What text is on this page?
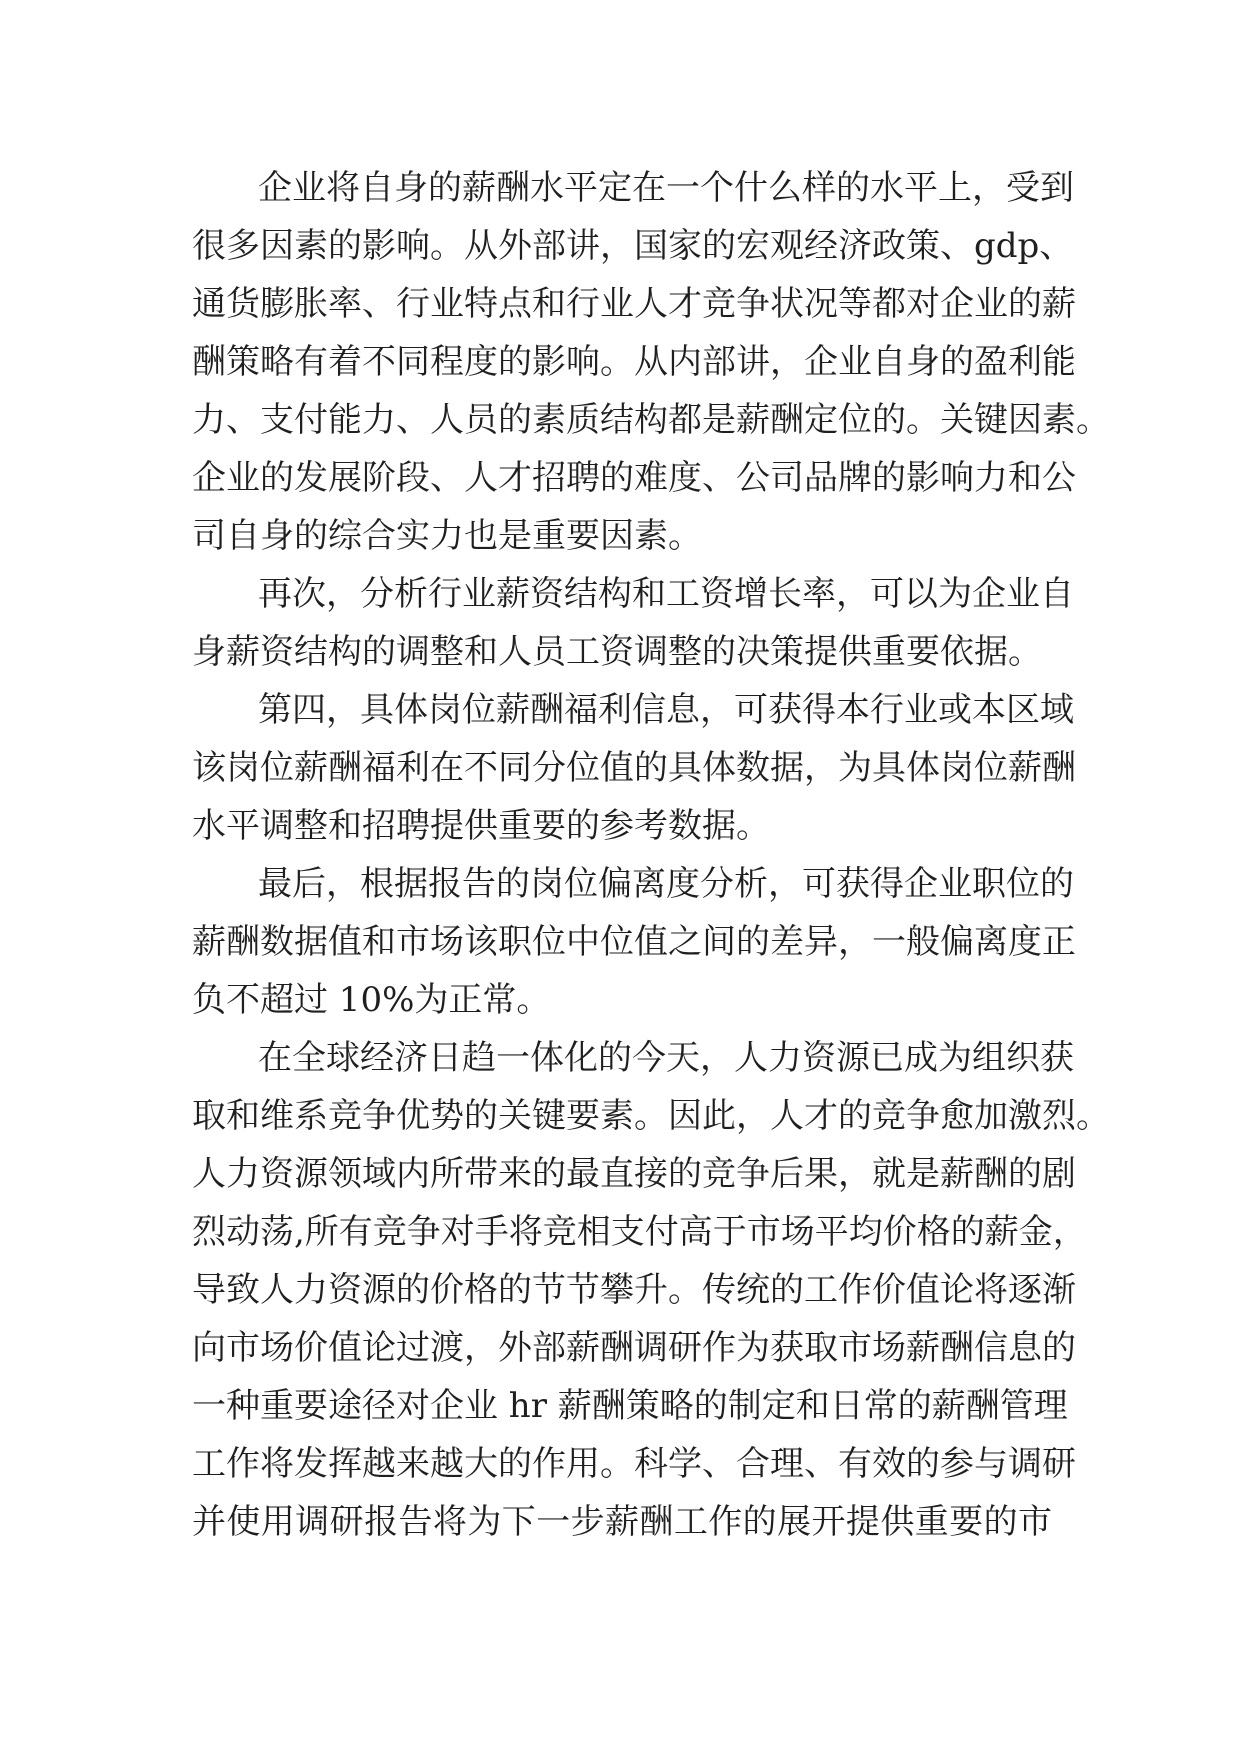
企业将自身的薪酬水平定在一个什么样的水平上，受到
很多因素的影响。从外部讲，国家的宏观经济政策、gdp、
通货膨胀率、行业特点和行业人才竞争状况等都对企业的薪
酬策略有着不同程度的影响。从内部讲，企业自身的盈利能
力、支付能力、人员的素质结构都是薪酬定位的。关键因素。
企业的发展阶段、人才招聘的难度、公司品牌的影响力和公
司自身的综合实力也是重要因素。
再次，分析行业薪资结构和工资增长率，可以为企业自
身薪资结构的调整和人员工资调整的决策提供重要依据。
第四，具体岗位薪酬福利信息，可获得本行业或本区域
该岗位薪酬福利在不同分位值的具体数据，为具体岗位薪酬
水平调整和招聘提供重要的参考数据。
最后，根据报告的岗位偏离度分析，可获得企业职位的
薪酬数据值和市场该职位中位值之间的差异，一般偏离度正
负不超过 10%为正常。
在全球经济日趋一体化的今天，人力资源已成为组织获
取和维系竞争优势的关键要素。因此，人才的竞争愈加激烈。
人力资源领域内所带来的最直接的竞争后果，就是薪酬的剧
烈动荡,所有竞争对手将竞相支付高于市场平均价格的薪金，
导致人力资源的价格的节节攀升。传统的工作价值论将逐渐
向市场价值论过渡，外部薪酬调研作为获取市场薪酬信息的
一种重要途径对企业 hr 薪酬策略的制定和日常的薪酬管理
工作将发挥越来越大的作用。科学、合理、有效的参与调研
并使用调研报告将为下一步薪酬工作的展开提供重要的市
